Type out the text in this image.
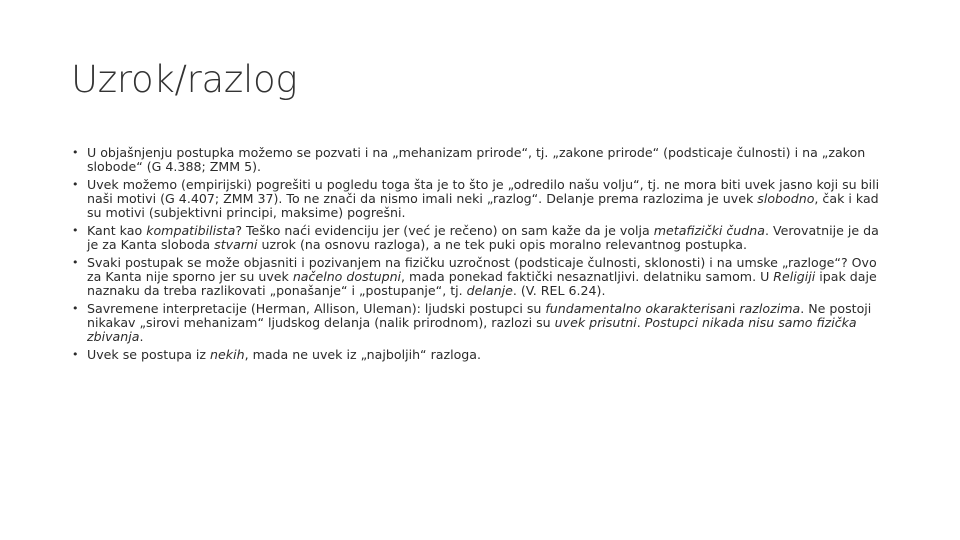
Uzrok/razlog
• U objašnjenju postupka možemo se pozvati i na „mehanizam prirode“, tj. „zakone prirode“ (podsticaje čulnosti) i na „zakon slobode“ (G 4.388; ZMM 5).
• Uvek možemo (empirijski) pogrešiti u pogledu toga šta je to što je „odredilo našu volju“, tj. ne mora biti uvek jasno koji su bili naši motivi (G 4.407; ZMM 37). To ne znači da nismo imali neki „razlog“. Delanje prema razlozima je uvek slobodno, čak i kad su motivi (subjektivni principi, maksime) pogrešni.
• Kant kao kompatibilista? Teško naći evidenciju jer (već je rečeno) on sam kaže da je volja metafizički čudna. Verovatnije je da je za Kanta sloboda stvarni uzrok (na osnovu razloga), a ne tek puki opis moralno relevantnog postupka.
• Svaki postupak se može objasniti i pozivanjem na fizičku uzročnost (podsticaje čulnosti, sklonosti) i na umske „razloge“? Ovo za Kanta nije sporno jer su uvek načelno dostupni, mada ponekad faktički nesaznatljivi. delatniku samom. U Religiji ipak daje naznaku da treba razlikovati „ponašanje“ i „postupanje“, tj. delanje. (V. REL 6.24).
• Savremene interpretacije (Herman, Allison, Uleman): ljudski postupci su fundamentalno okarakterisani razlozima. Ne postoji nikakav „sirovi mehanizam“ ljudskog delanja (nalik prirodnom), razlozi su uvek prisutni. Postupci nikada nisu samo fizička zbivanja.
• Uvek se postupa iz nekih, mada ne uvek iz „najboljih“ razloga.
